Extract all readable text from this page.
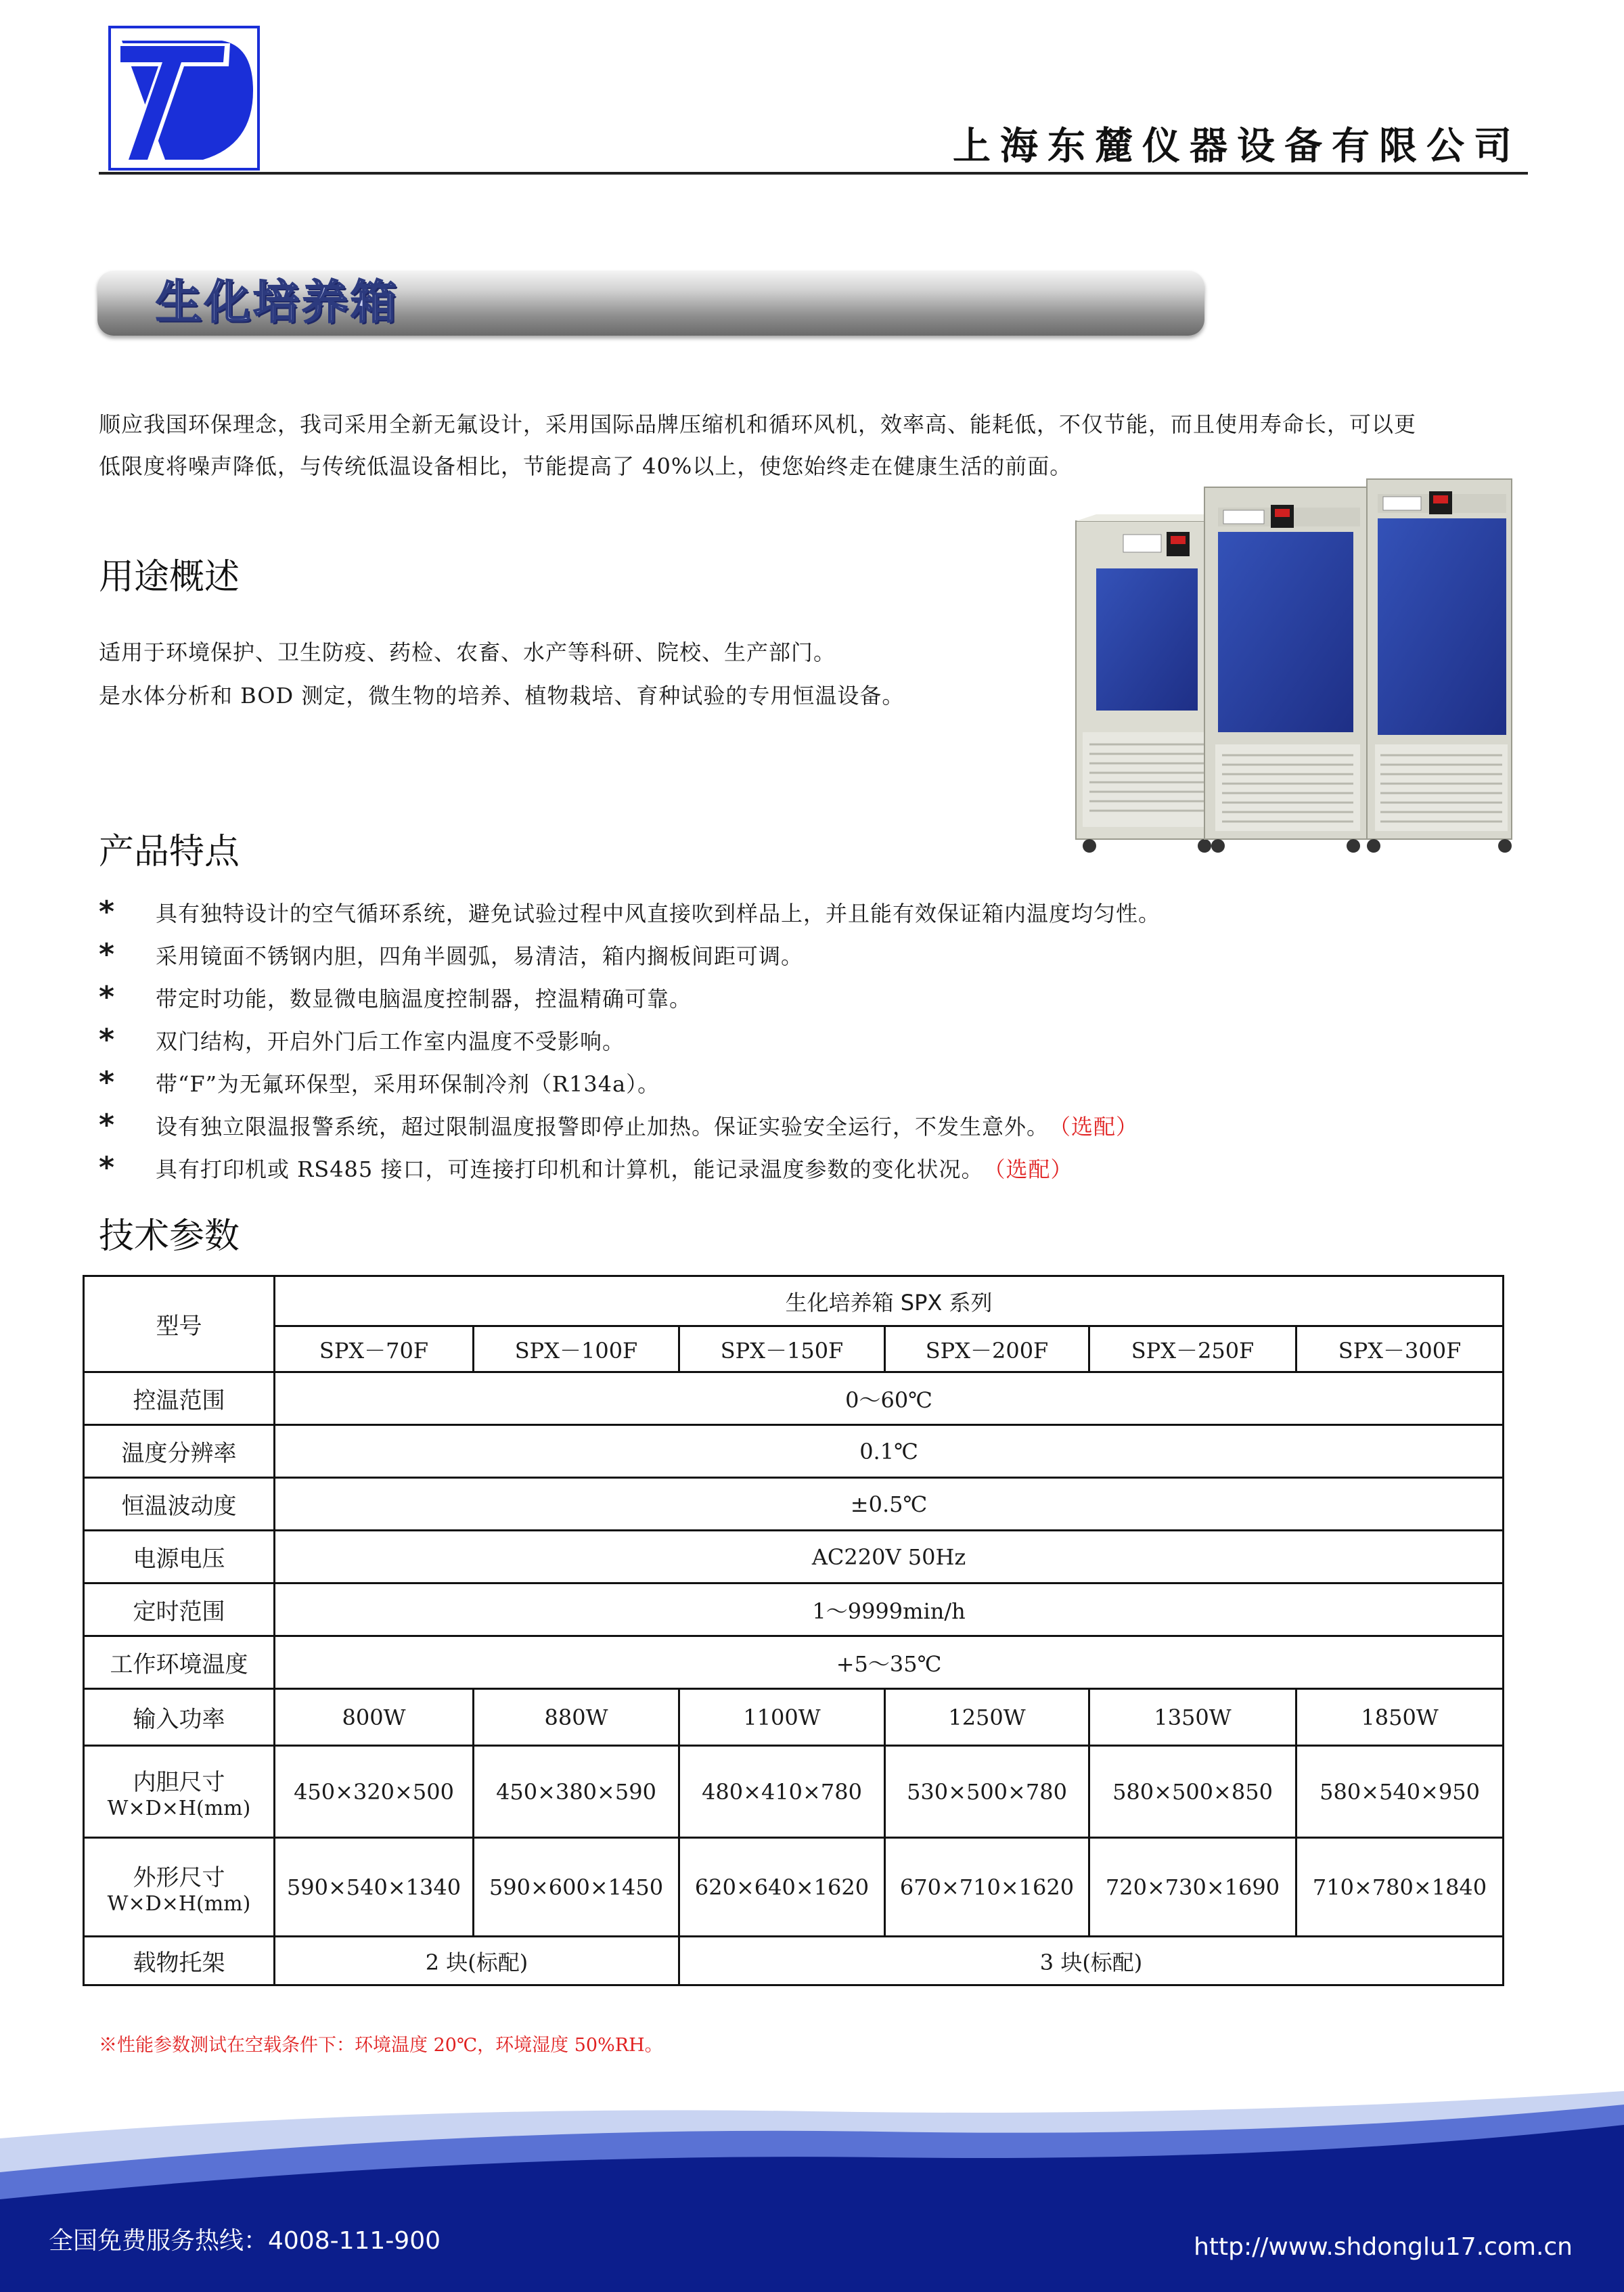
上海东麓仪器设备有限公司
生化培养箱
顺应我国环保理念，我司采用全新无氟设计，采用国际品牌压缩机和循环风机，效率高、能耗低，不仅节能，而且使用寿命长，可以更
低限度将噪声降低，与传统低温设备相比，节能提高了 40%以上，使您始终走在健康生活的前面。
用途概述
适用于环境保护、卫生防疫、药检、农畜、水产等科研、院校、生产部门。
是水体分析和 BOD 测定，微生物的培养、植物栽培、育种试验的专用恒温设备。
产品特点
*	具有独特设计的空气循环系统，避免试验过程中风直接吹到样品上，并且能有效保证箱内温度均匀性。
*	采用镜面不锈钢内胆，四角半圆弧，易清洁，箱内搁板间距可调。
*	带定时功能，数显微电脑温度控制器，控温精确可靠。
*	双门结构，开启外门后工作室内温度不受影响。
*	带“F”为无氟环保型，采用环保制冷剂（R134a）。
*	设有独立限温报警系统，超过限制温度报警即停止加热。保证实验安全运行，不发生意外。 （选配）
*	具有打印机或 RS485 接口，可连接打印机和计算机，能记录温度参数的变化状况。 （选配）
技术参数
型号	生化培养箱 SPX 系列					
	SPX－70F	SPX－100F	SPX－150F	SPX－200F	SPX－250F	SPX－300F
控温范围	0～60℃					
温度分辨率	0.1℃					
恒温波动度	±0.5℃					
电源电压	AC220V 50Hz					
定时范围	1～9999min/h					
工作环境温度	+5～35℃					
输入功率	800W	880W	1100W	1250W	1350W	1850W

内胆尺寸
W×D×H(mm)	450×320×500	450×380×590	480×410×780	530×500×780	580×500×850	580×540×950

外形尺寸
W×D×H(mm)	590×540×1340	590×600×1450	620×640×1620	670×710×1620	720×730×1690	710×780×1840
载物托架	2 块(标配)		3 块(标配)			
※性能参数测试在空载条件下：环境温度 20℃，环境湿度 50%RH。
全国免费服务热线：4008-111-900	http://www.shdonglu17.com.cn
